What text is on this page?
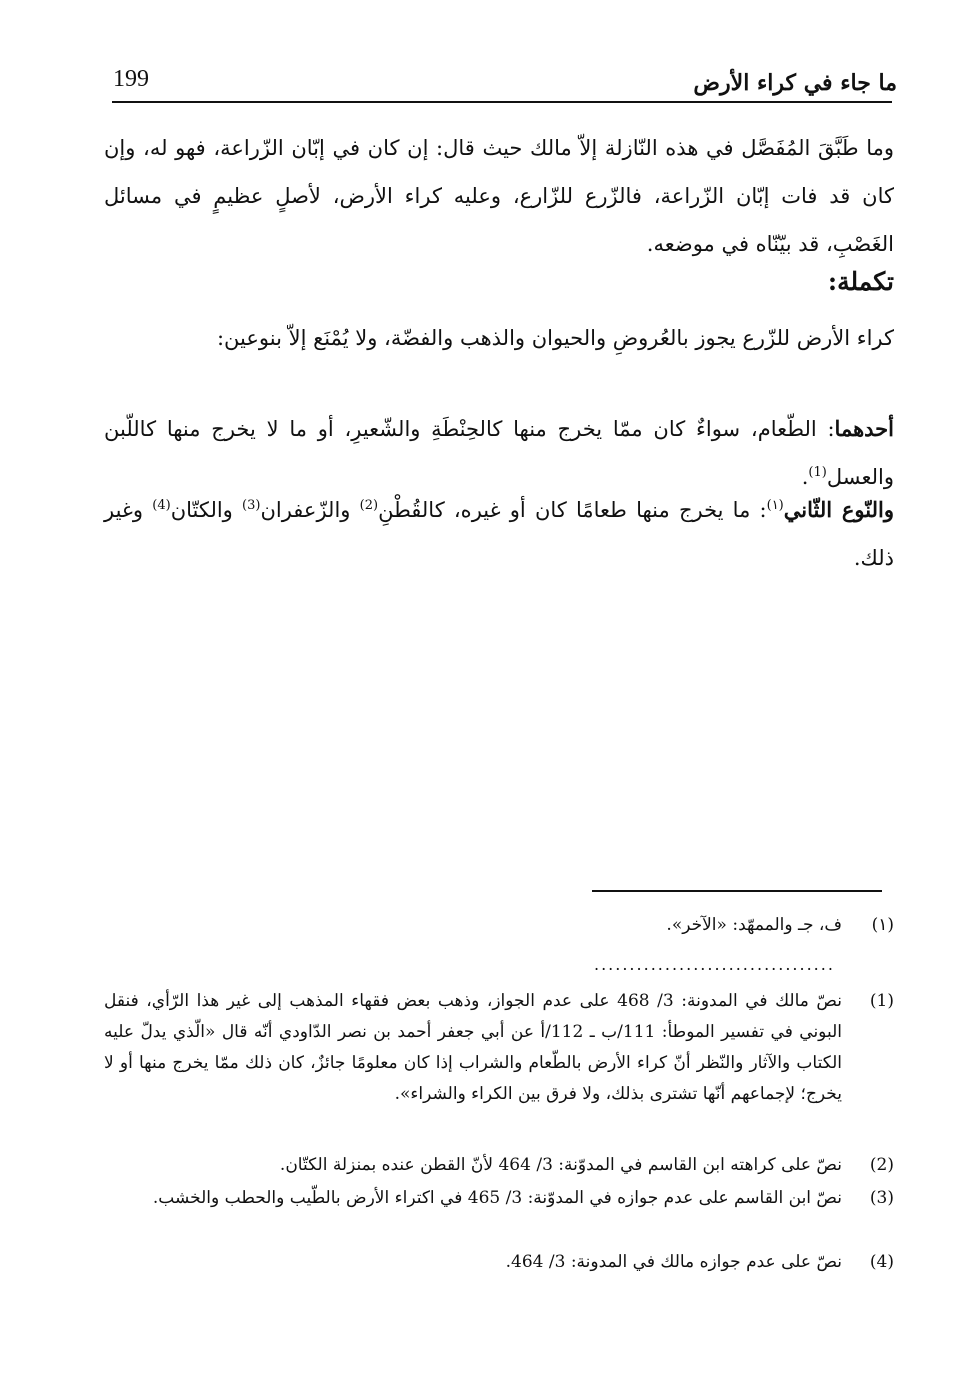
199	ما جاء في كراء الأرض
وما طَبَّقَ المُفَصَّل في هذه النّازلة إلاّ مالك حيث قال: إن كان في إبّان الزّراعة، فهو له، وإن كان قد فات إبّان الزّراعة، فالزّرع للزّارع، وعليه كراء الأرض، لأصلٍ عظيمٍ في مسائل الغَصْبِ، قد بيّنّاه في موضعه.
تكملة:
كراء الأرض للزّرع يجوز بالعُروضِ والحيوان والذهب والفضّة، ولا يُمْنَع إلاّ بنوعين:
أحدهما: الطّعام، سواءٌ كان ممّا يخرج منها كالحِنْطَةِ والشّعيرِ، أو ما لا يخرج منها كاللّبن والعسل$^{(1)}$.
والنّوع الثّاني$^{(١)}$: ما يخرج منها طعامًا كان أو غيره، كالقُطْنِ$^{(2)}$ والزّعفران$^{(3)}$ والكتّان$^{(4)}$ وغير ذلك.
(١)
ف، جـ والممهّد: «الآخر».
..................................
(1)
نصّ مالك في المدونة: 3/ 468 على عدم الجواز، وذهب بعض فقهاء المذهب إلى غير هذا الرّأي، فنقل البوني في تفسير الموطأ: 111/ب ـ 112/أ عن أبي جعفر أحمد بن نصر الدّاودي أنّه قال «الّذي يدلّ عليه الكتاب والآثار والنّظر أنّ كراء الأرض بالطّعام والشراب إذا كان معلومًا جائزٌ، كان ذلك ممّا يخرج منها أو لا يخرج؛ لإجماعهم أنّها تشترى بذلك، ولا فرق بين الكراء والشراء».
(2)
نصّ على كراهته ابن القاسم في المدوّنة: 3/ 464 لأنّ القطن عنده بمنزلة الكتّان.
(3)
نصّ ابن القاسم على عدم جوازه في المدوّنة: 3/ 465 في اكتراء الأرض بالطّيب والحطب والخشب.
(4)
نصّ على عدم جوازه مالك في المدونة: 3/ 464.
